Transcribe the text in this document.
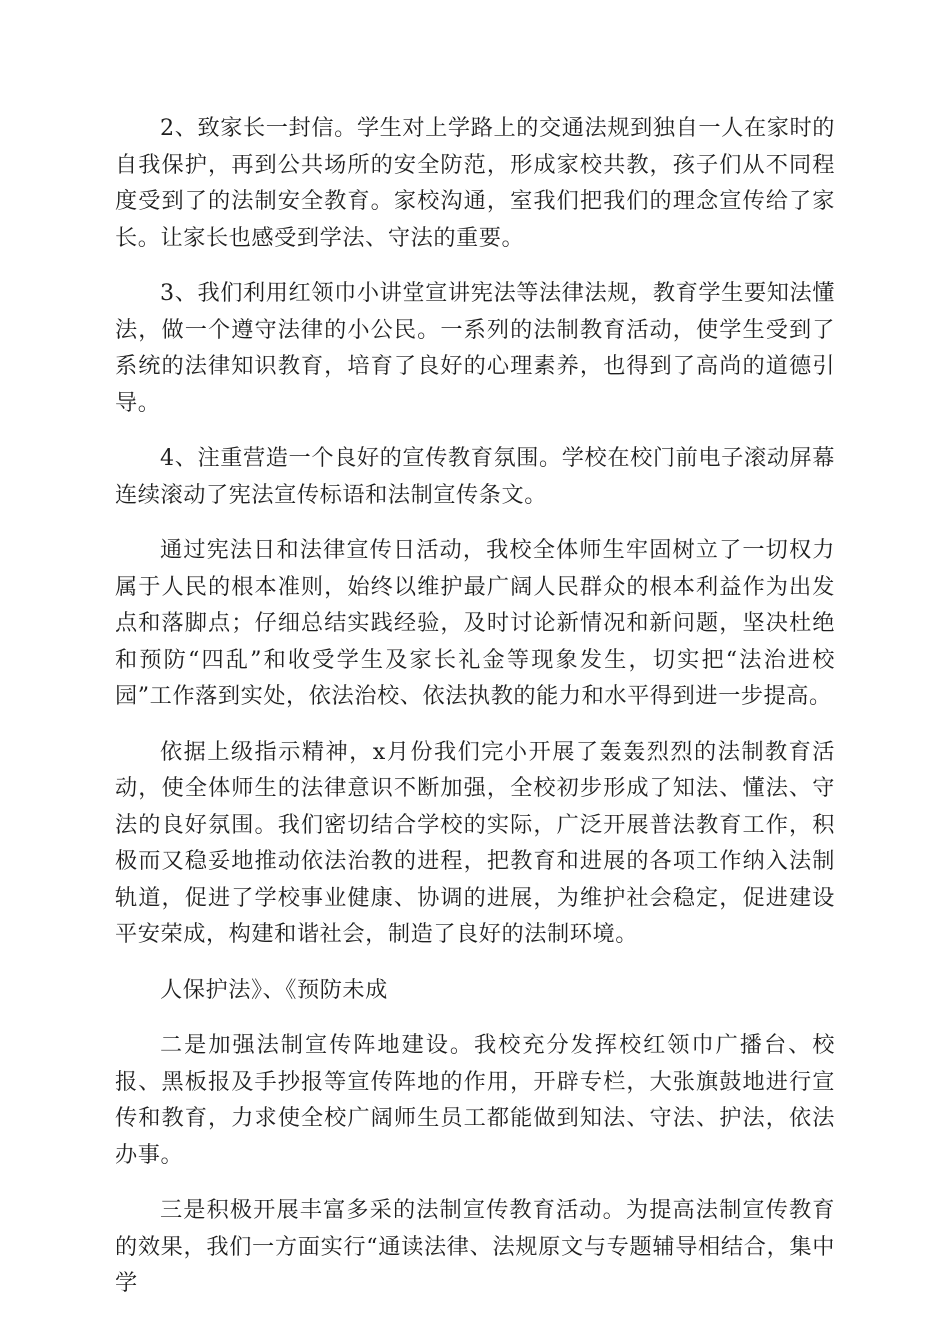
2、致家长一封信。学生对上学路上的交通法规到独自一人在家时的自我保护，再到公共场所的安全防范，形成家校共教，孩子们从不同程度受到了的法制安全教育。家校沟通，室我们把我们的理念宣传给了家长。让家长也感受到学法、守法的重要。

3、我们利用红领巾小讲堂宣讲宪法等法律法规，教育学生要知法懂法，做一个遵守法律的小公民。一系列的法制教育活动，使学生受到了系统的法律知识教育，培育了良好的心理素养，也得到了高尚的道德引导。

4、注重营造一个良好的宣传教育氛围。学校在校门前电子滚动屏幕连续滚动了宪法宣传标语和法制宣传条文。

通过宪法日和法律宣传日活动，我校全体师生牢固树立了一切权力属于人民的根本准则，始终以维护最广阔人民群众的根本利益作为出发点和落脚点；仔细总结实践经验，及时讨论新情况和新问题，坚决杜绝和预防“四乱”和收受学生及家长礼金等现象发生，切实把“法治进校园”工作落到实处，依法治校、依法执教的能力和水平得到进一步提高。

依据上级指示精神，x月份我们完小开展了轰轰烈烈的法制教育活动，使全体师生的法律意识不断加强，全校初步形成了知法、懂法、守法的良好氛围。我们密切结合学校的实际，广泛开展普法教育工作，积极而又稳妥地推动依法治教的进程，把教育和进展的各项工作纳入法制轨道，促进了学校事业健康、协调的进展，为维护社会稳定，促进建设平安荣成，构建和谐社会，制造了良好的法制环境。

人保护法》、《预防未成

二是加强法制宣传阵地建设。我校充分发挥校红领巾广播台、校报、黑板报及手抄报等宣传阵地的作用，开辟专栏，大张旗鼓地进行宣传和教育，力求使全校广阔师生员工都能做到知法、守法、护法，依法办事。

三是积极开展丰富多采的法制宣传教育活动。为提高法制宣传教育的效果，我们一方面实行“通读法律、法规原文与专题辅导相结合，集中学
